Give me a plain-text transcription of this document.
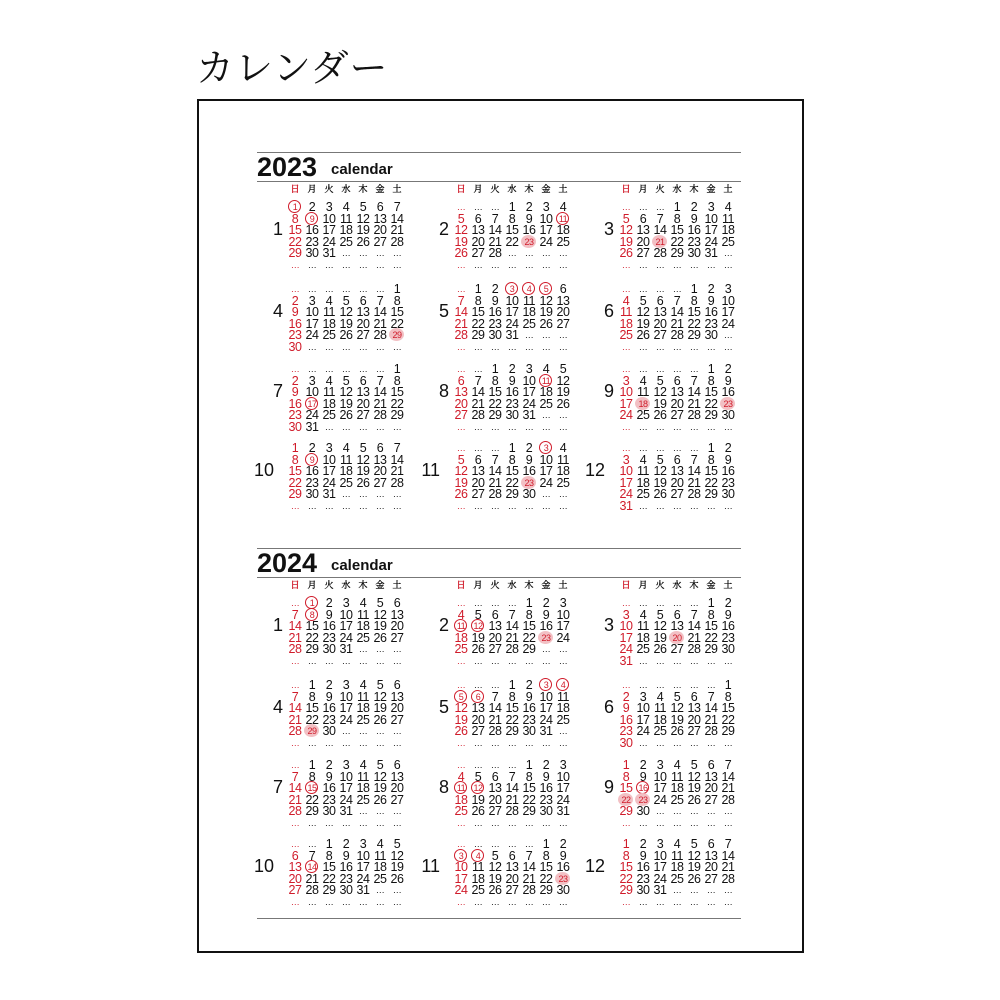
カレンダー
2023 calendar
1
日 月 火 水 木 金 土
1 2 3 4 5 6 7
8	9 10 11 12 13 14
15 16 17 18 19 20 21
22 23 24 25 26 27 28
29 30 31 … … … …
… … … … … … …
2
日 月 火 水 木 金 土
… … … 1 2 3 4
5 6 7 8 9 10 11
12 13 14 15 16 17 18
19 20 21 22 23 24 25
26 27 28 … … … …
… … … … … … …
3
日 月 火 水 木 金 土
… … … 1 2 3 4
5 6 7 8 9 10 11
12 13 14 15 16 17 18
19 20 21 22 23 24 25
26 27 28 29 30 31 …
… … … … … … …
4
… … … … … … 1
2 3 4 5 6 7 8
9 10 11 12 13 14 15
16 17 18 19 20 21 22
23 24 25 26 27 28 29
30 … … … … … …
5
… 1 2	3	4	5 6
7 8 9 10 11 12 13
14 15 16 17 18 19 20
21 22 23 24 25 26 27
28 29 30 31 … … …
… … … … … … …
6
… … … … 1 2 3
4 5 6 7 8 9 10
11 12 13 14 15 16 17
18 19 20 21 22 23 24
25 26 27 28 29 30 …
… … … … … … …
7
… … … … … … 1
2 3 4 5 6 7 8
9 10 11 12 13 14 15
16 17 18 19 20 21 22
23 24 25 26 27 28 29
30 31 … … … … …
8
… … 1 2 3 4 5
6 7 8 9 10 11 12
13 14 15 16 17 18 19
20 21 22 23 24 25 26
27 28 29 30 31 … …
… … … … … … …
9
… … … … … 1 2
3 4 5 6 7 8 9
10 11 12 13 14 15 16
17 18 19 20 21 22 23
24 25 26 27 28 29 30
… … … … … … …
10
1 2 3 4 5 6 7
8	9 10 11 12 13 14
15 16 17 18 19 20 21
22 23 24 25 26 27 28
29 30 31 … … … …
… … … … … … …
11
… … … 1 2	3 4
5 6 7 8 9 10 11
12 13 14 15 16 17 18
19 20 21 22 23 24 25
26 27 28 29 30 … …
… … … … … … …
12
… … … … … 1 2
3 4 5 6 7 8 9
10 11 12 13 14 15 16
17 18 19 20 21 22 23
24 25 26 27 28 29 30
31 … … … … … …
2024 calendar
1
日 月 火 水 木 金 土
…	1 2 3 4 5 6
7	8 9 10 11 12 13
14 15 16 17 18 19 20
21 22 23 24 25 26 27
28 29 30 31 … … …
… … … … … … …
2
日 月 火 水 木 金 土
… … … … 1 2 3
4 5 6 7 8 9 10
11 12 13 14 15 16 17
18 19 20 21 22 23 24
25 26 27 28 29 … …
… … … … … … …
3
日 月 火 水 木 金 土
… … … … … 1 2
3 4 5 6 7 8 9
10 11 12 13 14 15 16
17 18 19 20 21 22 23
24 25 26 27 28 29 30
31 … … … … … …
4
… 1 2 3 4 5 6
7 8 9 10 11 12 13
14 15 16 17 18 19 20
21 22 23 24 25 26 27
28 29 30 … … … …
… … … … … … …
5
… … … 1 2	3	4
5	6 7 8 9 10 11
12 13 14 15 16 17 18
19 20 21 22 23 24 25
26 27 28 29 30 31 …
… … … … … … …
6
… … … … … … 1
2 3 4 5 6 7 8
9 10 11 12 13 14 15
16 17 18 19 20 21 22
23 24 25 26 27 28 29
30 … … … … … …
7
… 1 2 3 4 5 6
7 8 9 10 11 12 13
14 15 16 17 18 19 20
21 22 23 24 25 26 27
28 29 30 31 … … …
… … … … … … …
8
… … … … 1 2 3
4 5 6 7 8 9 10
11 12 13 14 15 16 17
18 19 20 21 22 23 24
25 26 27 28 29 30 31
… … … … … … …
9
1 2 3 4 5 6 7
8 9 10 11 12 13 14
15 16 17 18 19 20 21
22 23 24 25 26 27 28
29 30 … … … … …
… … … … … … …
10
… … 1 2 3 4 5
6 7 8 9 10 11 12
13 14 15 16 17 18 19
20 21 22 23 24 25 26
27 28 29 30 31 … …
… … … … … … …
11
… … … … … 1 2
3	4 5 6 7 8 9
10 11 12 13 14 15 16
17 18 19 20 21 22 23
24 25 26 27 28 29 30
… … … … … … …
12
1 2 3 4 5 6 7
8 9 10 11 12 13 14
15 16 17 18 19 20 21
22 23 24 25 26 27 28
29 30 31 … … … …
… … … … … … …
